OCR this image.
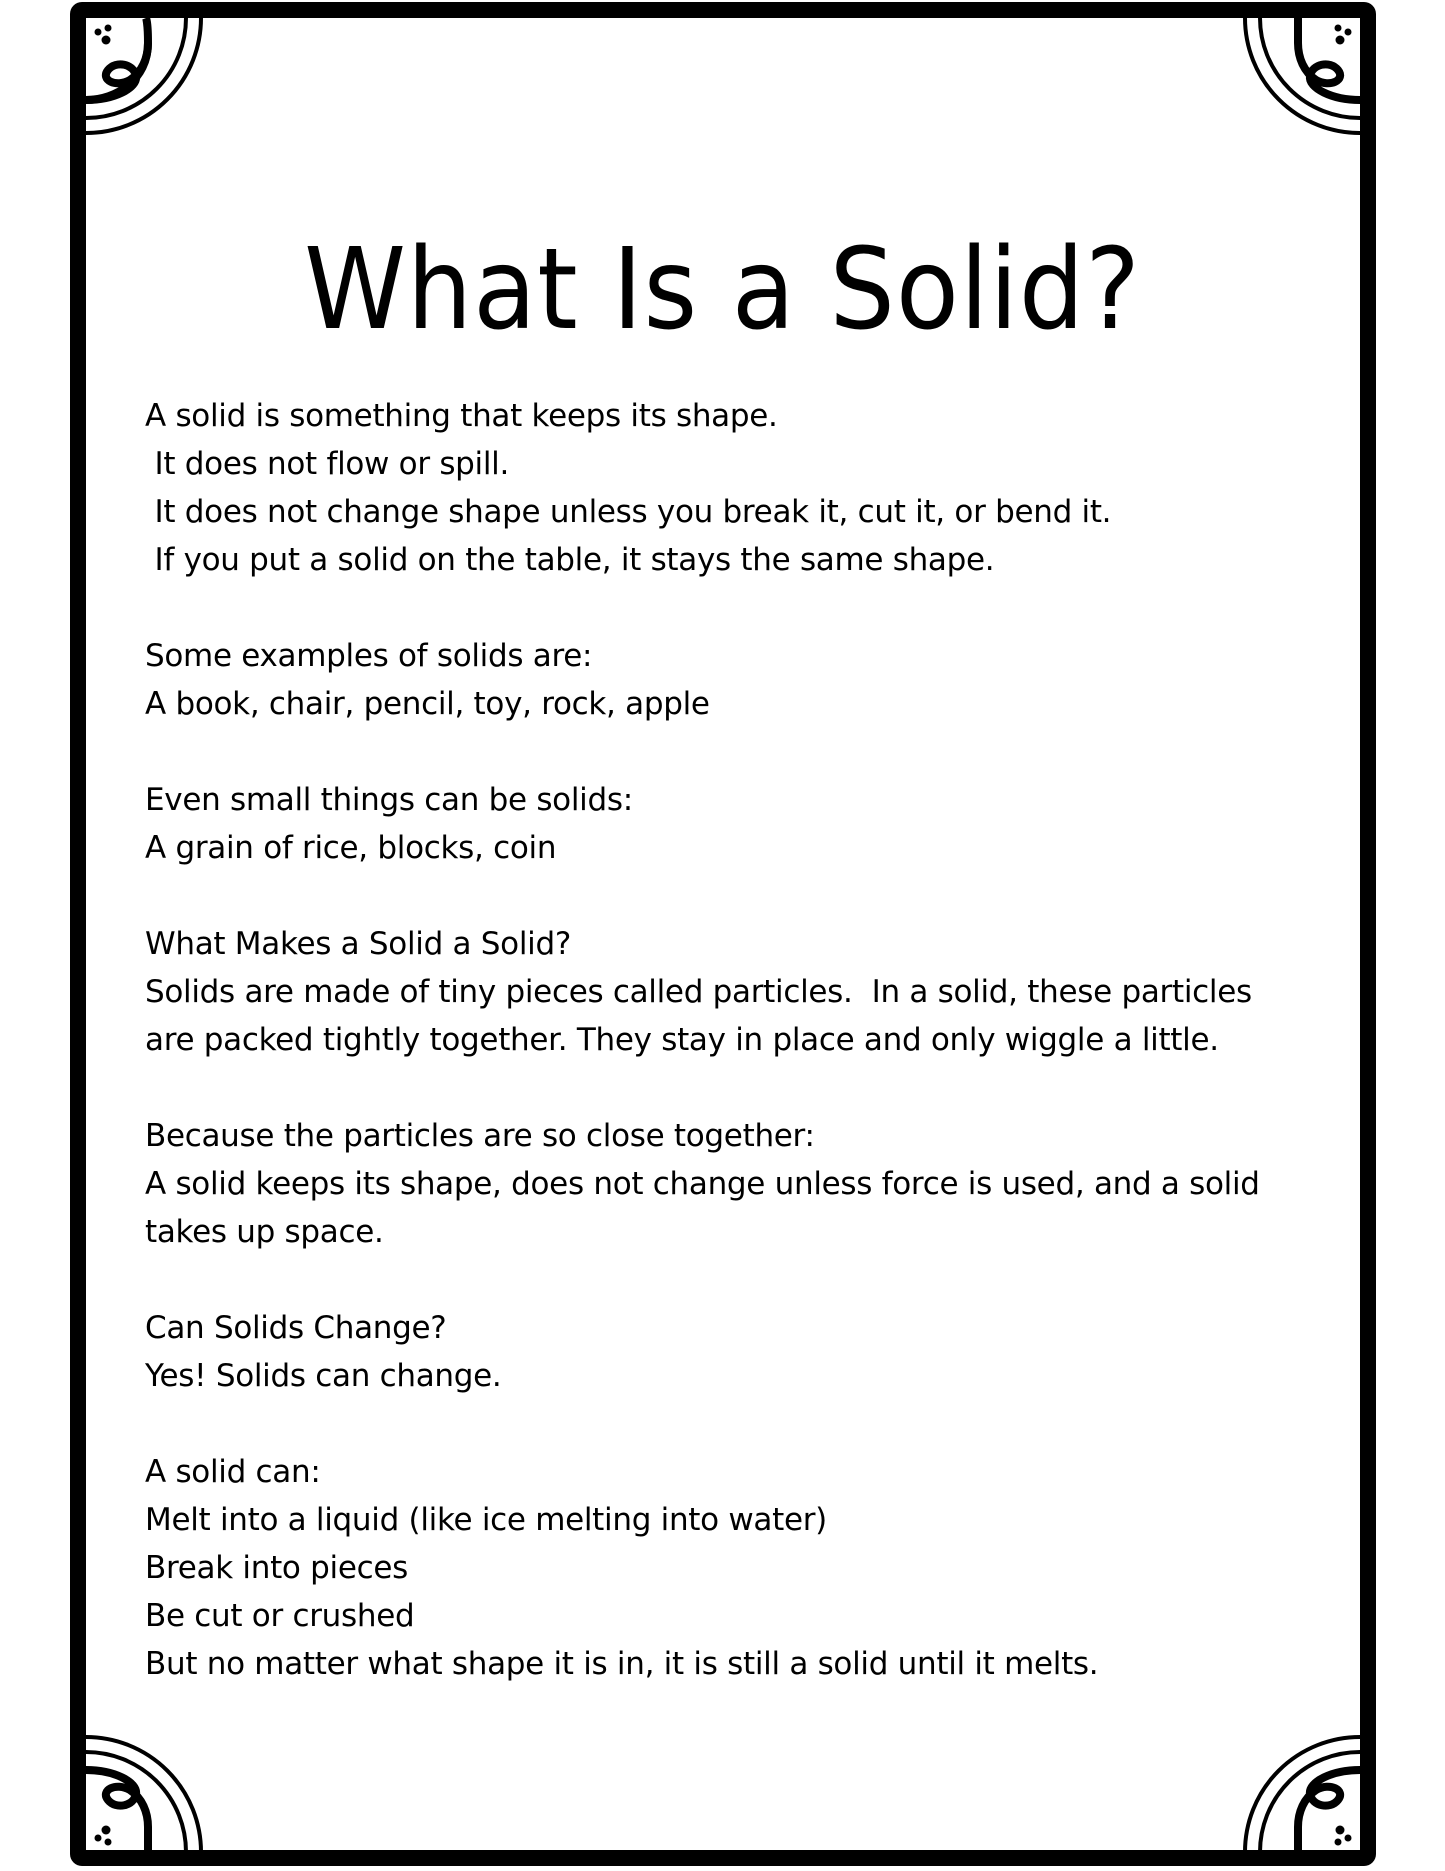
What Is a Solid?
A solid is something that keeps its shape.
It does not flow or spill.
It does not change shape unless you break it, cut it, or bend it.
If you put a solid on the table, it stays the same shape.
Some examples of solids are:
A book, chair, pencil, toy, rock, apple
Even small things can be solids:
A grain of rice, blocks, coin
What Makes a Solid a Solid?
Solids are made of tiny pieces called particles.  In a solid, these particles
are packed tightly together. They stay in place and only wiggle a little.
Because the particles are so close together:
A solid keeps its shape, does not change unless force is used, and a solid
takes up space.
Can Solids Change?
Yes! Solids can change.
A solid can:
Melt into a liquid (like ice melting into water)
Break into pieces
Be cut or crushed
But no matter what shape it is in, it is still a solid until it melts.
